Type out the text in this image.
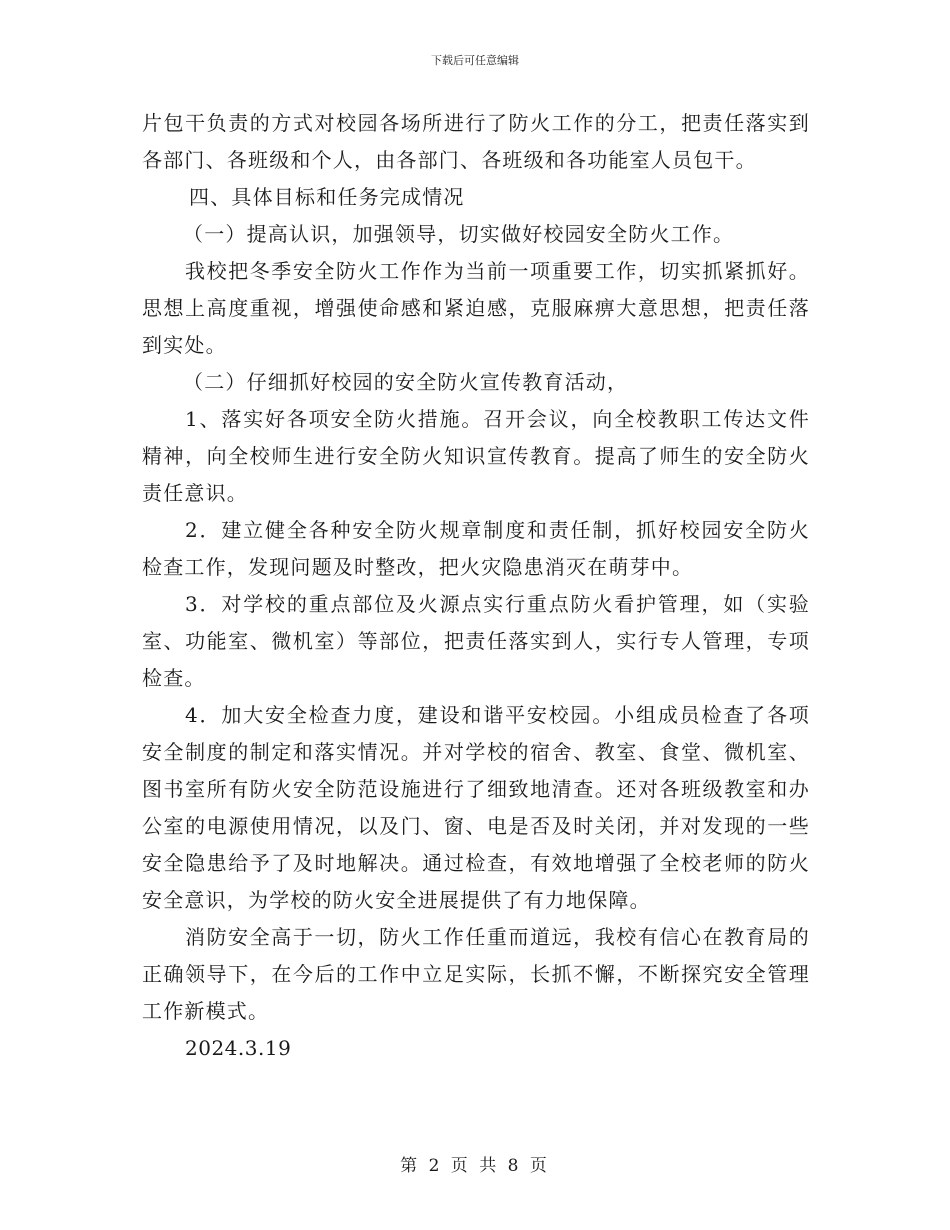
下载后可任意编辑

片包干负责的方式对校园各场所进行了防火工作的分工，把责任落实到各部门、各班级和个人，由各部门、各班级和各功能室人员包干。

四、具体目标和任务完成情况

（一）提高认识，加强领导，切实做好校园安全防火工作。

我校把冬季安全防火工作作为当前一项重要工作，切实抓紧抓好。思想上高度重视，增强使命感和紧迫感，克服麻痹大意思想，把责任落到实处。

（二）仔细抓好校园的安全防火宣传教育活动，

1、落实好各项安全防火措施。召开会议，向全校教职工传达文件精神，向全校师生进行安全防火知识宣传教育。提高了师生的安全防火责任意识。

2．建立健全各种安全防火规章制度和责任制，抓好校园安全防火检查工作，发现问题及时整改，把火灾隐患消灭在萌芽中。

3．对学校的重点部位及火源点实行重点防火看护管理，如（实验室、功能室、微机室）等部位，把责任落实到人，实行专人管理，专项检查。

4．加大安全检查力度，建设和谐平安校园。小组成员检查了各项安全制度的制定和落实情况。并对学校的宿舍、教室、食堂、微机室、图书室所有防火安全防范设施进行了细致地清查。还对各班级教室和办公室的电源使用情况，以及门、窗、电是否及时关闭，并对发现的一些安全隐患给予了及时地解决。通过检查，有效地增强了全校老师的防火安全意识，为学校的防火安全进展提供了有力地保障。

消防安全高于一切，防火工作任重而道远，我校有信心在教育局的正确领导下，在今后的工作中立足实际，长抓不懈，不断探究安全管理工作新模式。

2024.3.19

第 2 页 共 8 页
